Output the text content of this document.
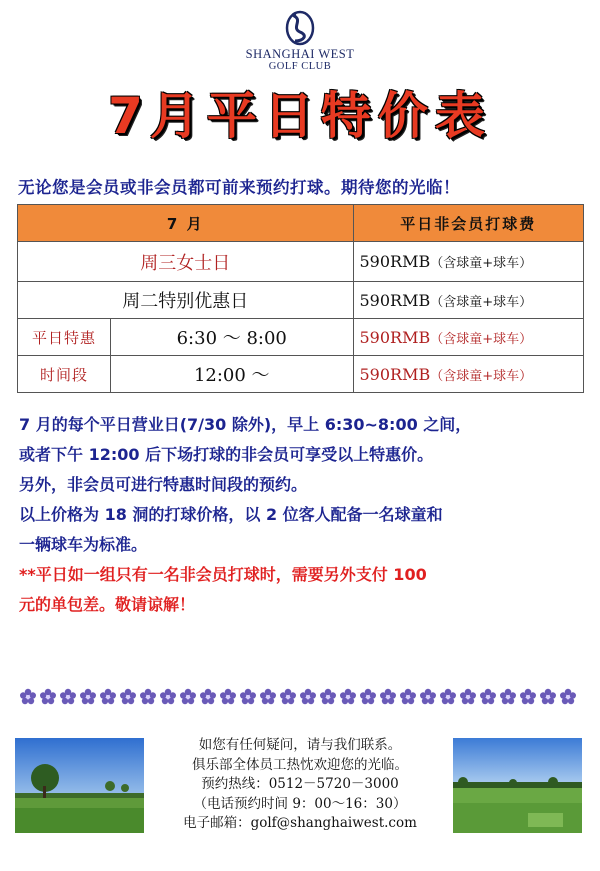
SHANGHAI WEST
GOLF CLUB
7月平日特价表
无论您是会员或非会员都可前来预约打球。期待您的光临！
7 月		平日非会员打球费
周三女士日		590RMB（含球童+球车）
周二特别优惠日		590RMB（含球童+球车）
平日特惠	6:30 ～ 8:00	590RMB（含球童+球车）
时间段	12:00 ～	590RMB（含球童+球车）

7 月的每个平日营业日(7/30 除外)，早上 6:30~8:00 之间，

或者下午 12:00 后下场打球的非会员可享受以上特惠价。

另外，非会员可进行特惠时间段的预约。

以上价格为 18 洞的打球价格，以 2 位客人配备一名球童和

一辆球车为标准。

**平日如一组只有一名非会员打球时，需要另外支付 100

元的单包差。敬请谅解！

如您有任何疑问，请与我们联系。
俱乐部全体员工热忱欢迎您的光临。
预约热线：0512－5720－3000
（电话预约时间 9：00～16：30）
电子邮箱：golf@shanghaiwest.com
